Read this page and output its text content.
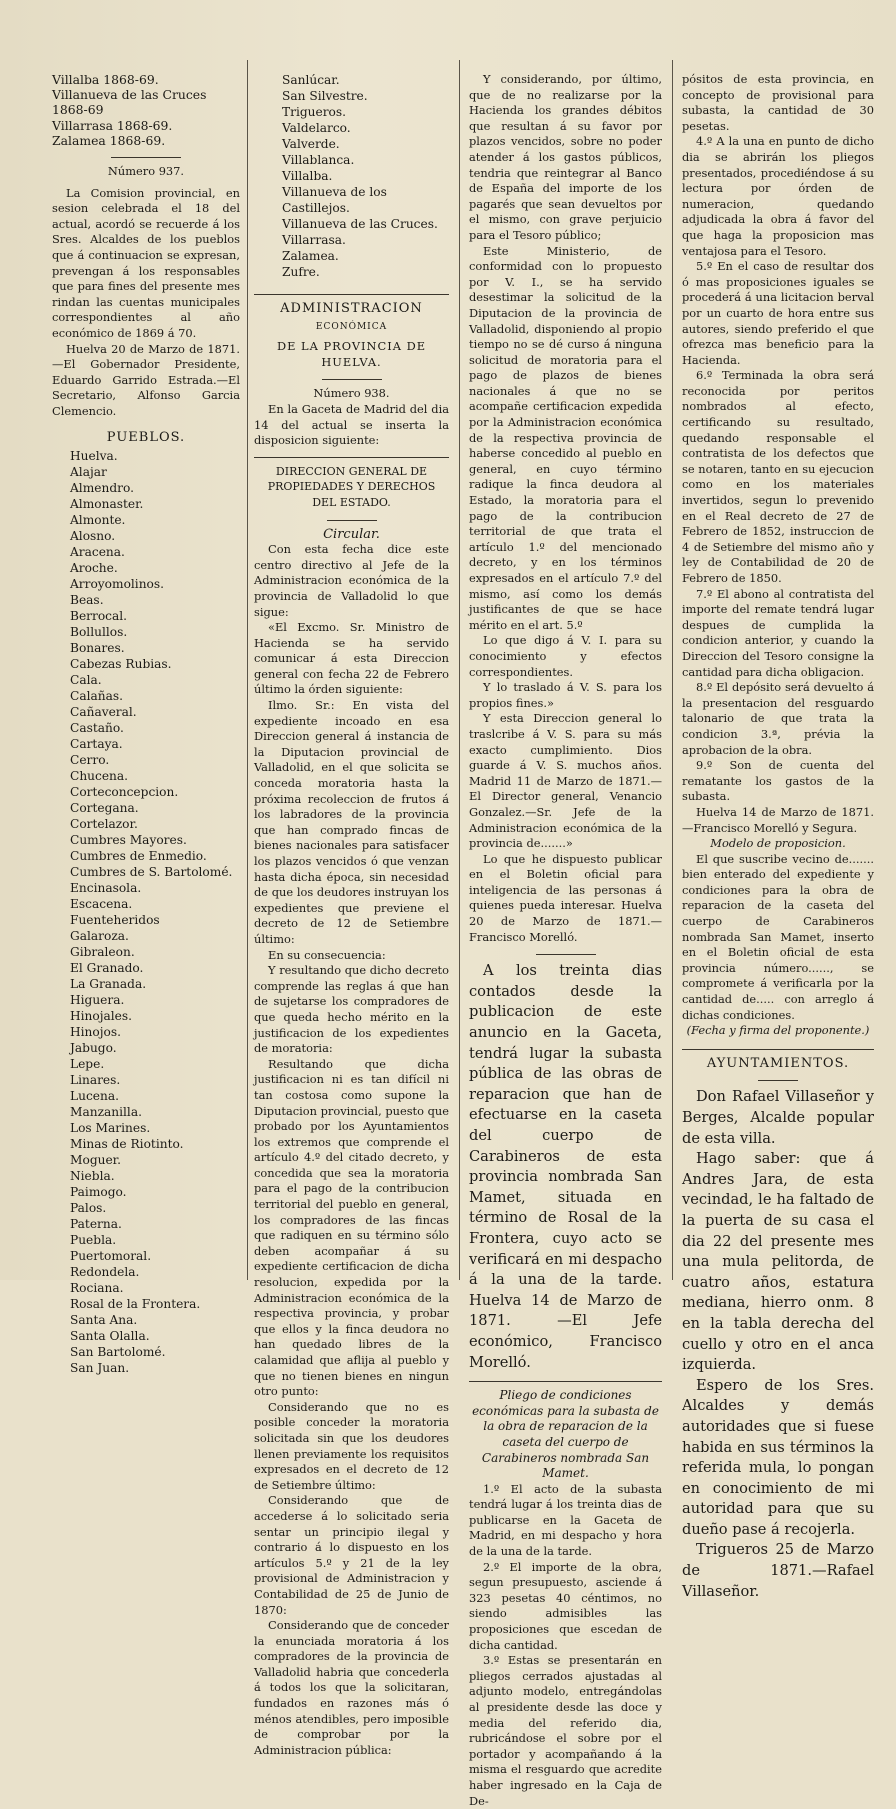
Villalba 1868-69.
Villanueva de las Cruces 1868-69
Villarrasa 1868-69.
Zalamea 1868-69.

Número 937.

La Comision provincial, en sesion celebrada el 18 del actual, acordó se recuerde á los Sres. Alcaldes de los pueblos que á continuacion se expresan, prevengan á los responsables que para fines del presente mes rindan las cuentas municipales correspondientes al año económico de 1869 á 70.

Huelva 20 de Marzo de 1871.—El Gobernador Presidente, Eduardo Garrido Estrada.—El Secretario, Alfonso Garcia Clemencio.

PUEBLOS.

Huelva.
Alajar
Almendro.
Almonaster.
Almonte.
Alosno.
Aracena.
Aroche.
Arroyomolinos.
Beas.
Berrocal.
Bollullos.
Bonares.
Cabezas Rubias.
Cala.
Calañas.
Cañaveral.
Castaño.
Cartaya.
Cerro.
Chucena.
Corteconcepcion.
Cortegana.
Cortelazor.
Cumbres Mayores.
Cumbres de Enmedio.
Cumbres de S. Bartolomé.
Encinasola.
Escacena.
Fuenteheridos
Galaroza.
Gibraleon.
El Granado.
La Granada.
Higuera.
Hinojales.
Hinojos.
Jabugo.
Lepe.
Linares.
Lucena.
Manzanilla.
Los Marines.
Minas de Riotinto.
Moguer.
Niebla.
Paimogo.
Palos.
Paterna.
Puebla.
Puertomoral.
Redondela.
Rociana.
Rosal de la Frontera.
Santa Ana.
Santa Olalla.
San Bartolomé.
San Juan.
Sanlúcar.
San Silvestre.
Trigueros.
Valdelarco.
Valverde.
Villablanca.
Villalba.
Villanueva de los Castillejos.
Villanueva de las Cruces.
Villarrasa.
Zalamea.
Zufre.

ADMINISTRACION

ECONÓMICA

DE LA PROVINCIA DE HUELVA.

Número 938.

En la Gaceta de Madrid del dia 14 del actual se inserta la disposicion siguiente:

DIRECCION GENERAL DE PROPIEDADES Y DERECHOS DEL ESTADO.

Circular.

Con esta fecha dice este centro directivo al Jefe de la Administracion económica de la provincia de Valladolid lo que sigue:

«El Excmo. Sr. Ministro de Hacienda se ha servido comunicar á esta Direccion general con fecha 22 de Febrero último la órden siguiente:

Ilmo. Sr.: En vista del expediente incoado en esa Direccion general á instancia de la Diputacion provincial de Valladolid, en el que solicita se conceda moratoria hasta la próxima recoleccion de frutos á los labradores de la provincia que han comprado fincas de bienes nacionales para satisfacer los plazos vencidos ó que venzan hasta dicha época, sin necesidad de que los deudores instruyan los expedientes que previene el decreto de 12 de Setiembre último:

En su consecuencia:

Y resultando que dicho decreto comprende las reglas á que han de sujetarse los compradores de que queda hecho mérito en la justificacion de los expedientes de moratoria:

Resultando que dicha justificacion ni es tan difícil ni tan costosa como supone la Diputacion provincial, puesto que probado por los Ayuntamientos los extremos que comprende el artículo 4.º del citado decreto, y concedida que sea la moratoria para el pago de la contribucion territorial del pueblo en general, los compradores de las fincas que radiquen en su término sólo deben acompañar á su expediente certificacion de dicha resolucion, expedida por la Administracion económica de la respectiva provincia, y probar que ellos y la finca deudora no han quedado libres de la calamidad que aflija al pueblo y que no tienen bienes en ningun otro punto:

Considerando que no es posible conceder la moratoria solicitada sin que los deudores llenen previamente los requisitos expresados en el decreto de 12 de Setiembre último:

Considerando que de accederse á lo solicitado seria sentar un principio ilegal y contrario á lo dispuesto en los artículos 5.º y 21 de la ley provisional de Administracion y Contabilidad de 25 de Junio de 1870:

Considerando que de conceder la enunciada moratoria á los compradores de la provincia de Valladolid habria que concederla á todos los que la solicitaran, fundados en razones más ó ménos atendibles, pero imposible de comprobar por la Administracion pública:

Y considerando, por último, que de no realizarse por la Hacienda los grandes débitos que resultan á su favor por plazos vencidos, sobre no poder atender á los gastos públicos, tendria que reintegrar al Banco de España del importe de los pagarés que sean devueltos por el mismo, con grave perjuicio para el Tesoro público;

Este Ministerio, de conformidad con lo propuesto por V. I., se ha servido desestimar la solicitud de la Diputacion de la provincia de Valladolid, disponiendo al propio tiempo no se dé curso á ninguna solicitud de moratoria para el pago de plazos de bienes nacionales á que no se acompañe certificacion expedida por la Administracion económica de la respectiva provincia de haberse concedido al pueblo en general, en cuyo término radique la finca deudora al Estado, la moratoria para el pago de la contribucion territorial de que trata el artículo 1.º del mencionado decreto, y en los términos expresados en el artículo 7.º del mismo, así como los demás justificantes de que se hace mérito en el art. 5.º

Lo que digo á V. I. para su conocimiento y efectos correspondientes.

Y lo traslado á V. S. para los propios fines.»

Y esta Direccion general lo traslcribe á V. S. para su más exacto cumplimiento. Dios guarde á V. S. muchos años. Madrid 11 de Marzo de 1871.—El Director general, Venancio Gonzalez.—Sr. Jefe de la Administracion económica de la provincia de.......»

Lo que he dispuesto publicar en el Boletin oficial para inteligencia de las personas á quienes pueda interesar. Huelva 20 de Marzo de 1871.—Francisco Morelló.

A los treinta dias contados desde la publicacion de este anuncio en la Gaceta, tendrá lugar la subasta pública de las obras de reparacion que han de efectuarse en la caseta del cuerpo de Carabineros de esta provincia nombrada San Mamet, situada en término de Rosal de la Frontera, cuyo acto se verificará en mi despacho á la una de la tarde. Huelva 14 de Marzo de 1871. —El Jefe económico, Francisco Morelló.

Pliego de condiciones económicas para la subasta de la obra de reparacion de la caseta del cuerpo de Carabineros nombrada San Mamet.

1.º El acto de la subasta tendrá lugar á los treinta dias de publicarse en la Gaceta de Madrid, en mi despacho y hora de la una de la tarde.

2.º El importe de la obra, segun presupuesto, asciende á 323 pesetas 40 céntimos, no siendo admisibles las proposiciones que escedan de dicha cantidad.

3.º Estas se presentarán en pliegos cerrados ajustadas al adjunto modelo, entregándolas al presidente desde las doce y media del referido dia, rubricándose el sobre por el portador y acompañando á la misma el resguardo que acredite haber ingresado en la Caja de De-

pósitos de esta provincia, en concepto de provisional para subasta, la cantidad de 30 pesetas.

4.º A la una en punto de dicho dia se abrirán los pliegos presentados, procediéndose á su lectura por órden de numeracion, quedando adjudicada la obra á favor del que haga la proposicion mas ventajosa para el Tesoro.

5.º En el caso de resultar dos ó mas proposiciones iguales se procederá á una licitacion berval por un cuarto de hora entre sus autores, siendo preferido el que ofrezca mas beneficio para la Hacienda.

6.º Terminada la obra será reconocida por peritos nombrados al efecto, certificando su resultado, quedando responsable el contratista de los defectos que se notaren, tanto en su ejecucion como en los materiales invertidos, segun lo prevenido en el Real decreto de 27 de Febrero de 1852, instruccion de 4 de Setiembre del mismo año y ley de Contabilidad de 20 de Febrero de 1850.

7.º El abono al contratista del importe del remate tendrá lugar despues de cumplida la condicion anterior, y cuando la Direccion del Tesoro consigne la cantidad para dicha obligacion.

8.º El depósito será devuelto á la presentacion del resguardo talonario de que trata la condicion 3.ª, prévia la aprobacion de la obra.

9.º Son de cuenta del rematante los gastos de la subasta.

Huelva 14 de Marzo de 1871.—Francisco Morelló y Segura.

Modelo de proposicion.

El que suscribe vecino de....... bien enterado del expediente y condiciones para la obra de reparacion de la caseta del cuerpo de Carabineros nombrada San Mamet, inserto en el Boletin oficial de esta provincia número......, se compromete á verificarla por la cantidad de..... con arreglo á dichas condiciones.

(Fecha y firma del proponente.)

AYUNTAMIENTOS.

Don Rafael Villaseñor y Berges, Alcalde popular de esta villa.

Hago saber: que á Andres Jara, de esta vecindad, le ha faltado de la puerta de su casa el dia 22 del presente mes una mula pelitorda, de cuatro años, estatura mediana, hierro onm. 8 en la tabla derecha del cuello y otro en el anca izquierda.

Espero de los Sres. Alcaldes y demás autoridades que si fuese habida en sus términos la referida mula, lo pongan en conocimiento de mi autoridad para que su dueño pase á recojerla.

Trigueros 25 de Marzo de 1871.—Rafael Villaseñor.
